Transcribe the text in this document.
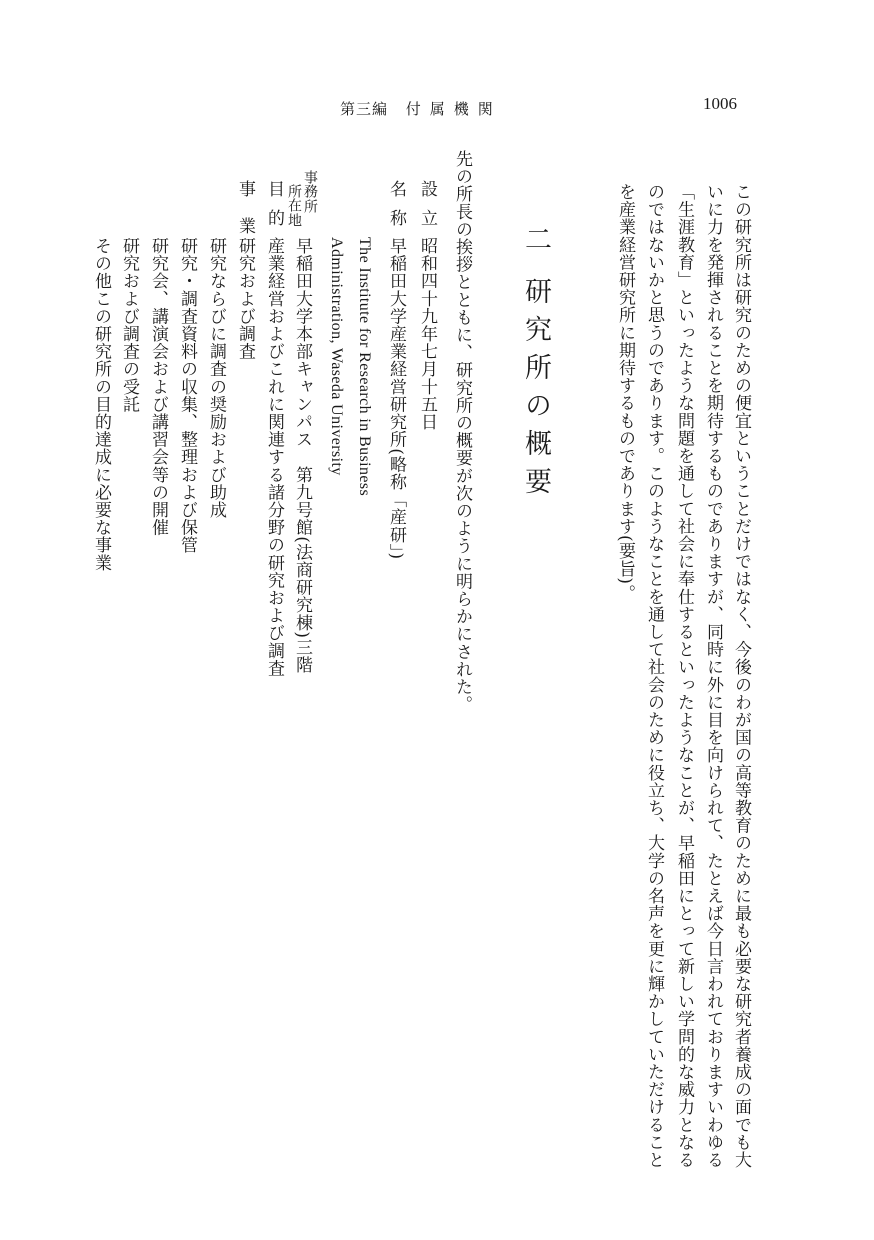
第三編 付属機関	1006
この研究所は研究のための便宜ということだけではなく、今後のわが国の高等教育のために最も必要な研究者養成の面でも大
いに力を発揮されることを期待するものでありますが、同時に外に目を向けられて、たとえば今日言われておりますいわゆる
「生涯教育」といったような問題を通して社会に奉仕するといったようなことが、早稲田にとって新しい学問的な威力となる
のではないかと思うのであります。このようなことを通して社会のために役立ち、大学の名声を更に輝かしていただけること
を産業経営研究所に期待するものであります(要旨)。
二研究所の概要
先の所長の挨拶とともに、研究所の概要が次のように明らかにされた。
設立
昭和四十九年七月十五日
名称
早稲田大学産業経営研究所(略称「産研」)
The Institute for Research in Business
Administration, Waseda University
事務
所
所在
地
早稲田大学本部キャンパス　第九号館(法商研究棟)三階
目的
産業経営およびこれに関連する諸分野の研究および調査
事業
研究および調査
研究ならびに調査の奨励および助成
研究・調査資料の収集、整理および保管
研究会、講演会および講習会等の開催
研究および調査の受託
その他この研究所の目的達成に必要な事業
